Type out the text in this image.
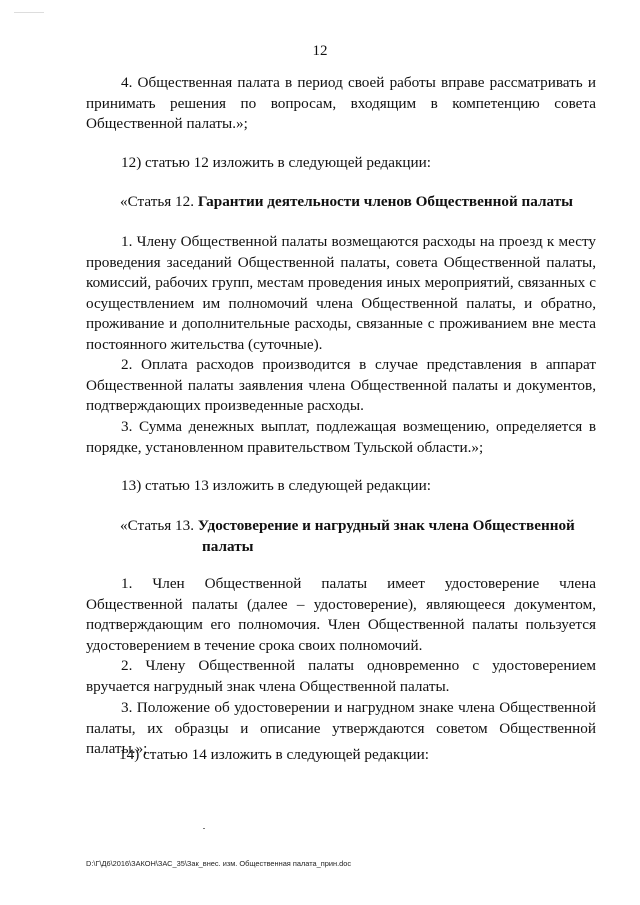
12

4. Общественная палата в период своей работы вправе рассматривать и принимать решения по вопросам, входящим в компетенцию совета Общественной палаты.»;

12) статью 12 изложить в следующей редакции:

«Статья 12. Гарантии деятельности членов Общественной палаты

1. Члену Общественной палаты возмещаются расходы на проезд к месту проведения заседаний Общественной палаты, совета Общественной палаты, комиссий, рабочих групп, местам проведения иных мероприятий, связанных с осуществлением им полномочий члена Общественной палаты, и обратно, проживание и дополнительные расходы, связанные с проживанием вне места постоянного жительства (суточные).

2. Оплата расходов производится в случае представления в аппарат Общественной палаты заявления члена Общественной палаты и документов, подтверждающих произведенные расходы.

3. Сумма денежных выплат, подлежащая возмещению, определяется в порядке, установленном правительством Тульской области.»;

13) статью 13 изложить в следующей редакции:

«Статья 13. Удостоверение и нагрудный знак члена Общественной
палаты

1. Член Общественной палаты имеет удостоверение члена Общественной палаты (далее – удостоверение), являющееся документом, подтверждающим его полномочия. Член Общественной палаты пользуется удостоверением в течение срока своих полномочий.

2. Члену Общественной палаты одновременно с удостоверением вручается нагрудный знак члена Общественной палаты.

3. Положение об удостоверении и нагрудном знаке члена Общественной палаты, их образцы и описание утверждаются советом Общественной палаты.»;

14) статью 14 изложить в следующей редакции:

D:\Г\Д6\2016\ЗАКОН\ЗАС_35\Зак_внес. изм. Общественная палата_прин.doc
